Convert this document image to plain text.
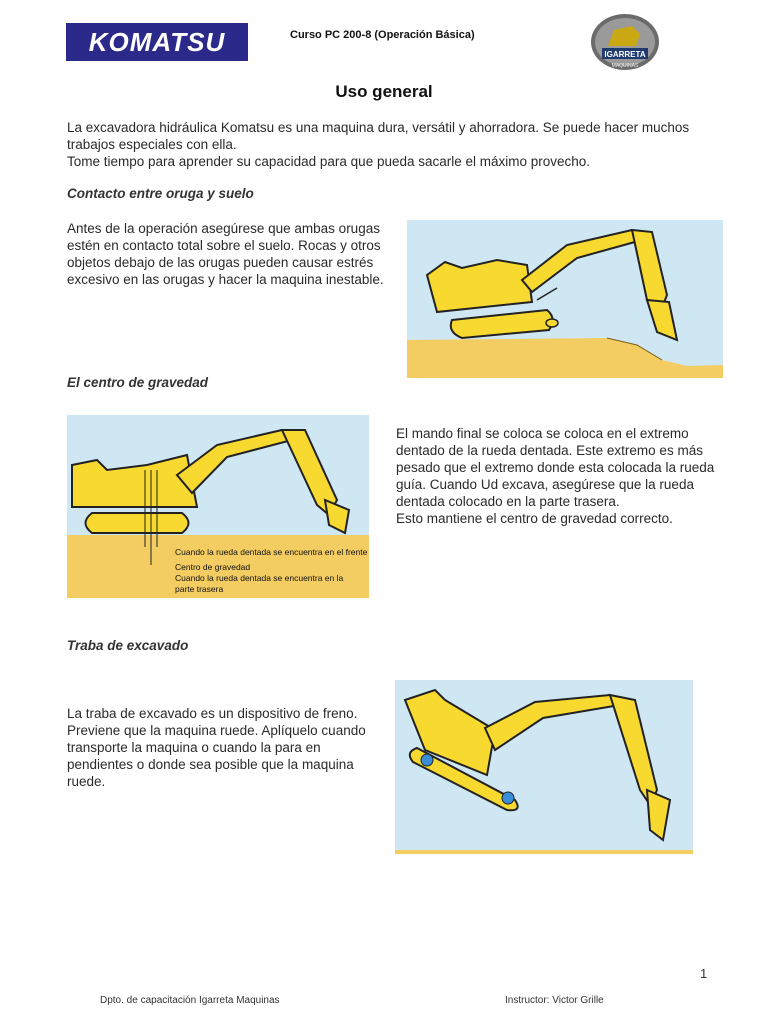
KOMATSU	Curso PC 200-8 (Operación Básica)
IGARRETA
MAQUINAS
Uso general
La excavadora hidráulica Komatsu es una maquina dura, versátil y ahorradora. Se puede hacer muchos trabajos especiales con ella.
Tome tiempo para aprender su capacidad para que pueda sacarle el máximo provecho.
Contacto entre oruga y suelo
Antes de la operación asegúrese que ambas orugas estén en contacto total sobre el suelo. Rocas y otros objetos debajo de las orugas pueden causar estrés excesivo en las orugas y hacer la maquina inestable.
El centro de gravedad
Cuando la rueda dentada se encuentra en el frente
Centro de gravedad
Cuando la rueda dentada se encuentra en la
parte trasera
El mando final se coloca se coloca en el extremo dentado de la rueda dentada. Este extremo es más pesado que el extremo donde esta colocada la rueda guía. Cuando Ud excava, asegúrese que la rueda dentada colocado en la parte trasera.
Esto mantiene el centro de gravedad correcto.
Traba de excavado
La traba de excavado es un dispositivo de freno. Previene que la maquina ruede. Aplíquelo cuando transporte la maquina o cuando la para en pendientes o donde sea posible que la maquina ruede.
1
Dpto. de capacitación Igarreta Maquinas	Instructor: Victor Grille
